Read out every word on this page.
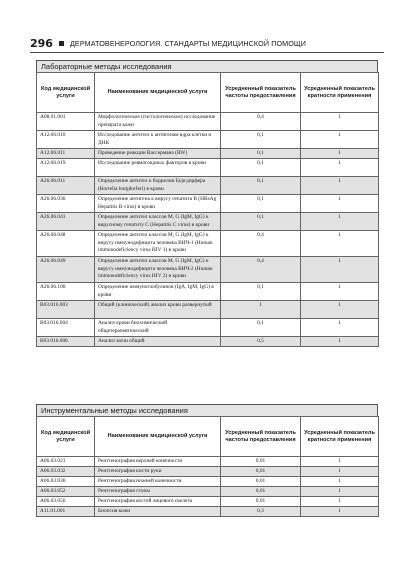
296 ДЕРМАТОВЕНЕРОЛОГИЯ. СТАНДАРТЫ МЕДИЦИНСКОЙ ПОМОЩИ
Лабораторные методы исследования
Код медицинской услуги	Наименование медицинской услуги	Усредненный показатель частоты предоставления	Усредненный показатель кратности применения
A08.01.001	Морфологическое (гистологическое) исследование препарата кожи	0,4	1
A12.06.010	Исследование антител к антигенам ядра клетки и ДНК	0,1	1
A12.06.011	Проведение реакции Вассермана (RW)	0,1	1
A12.06.019	Исследование ревматоидных факторов в крови	0,1	1
A26.06.011	Определение антител к боррелии Бургдорфера (Borrelia burgdorferi) в крови	0,1	1
A26.06.036	Определение антигена к вирусу гепатита B (HBsAg Hepatitis B virus) в крови	0,1	1
A26.06.041	Определение антител классов M, G (IgM, IgG) к вирусному гепатиту C (Hepatitis C virus) в крови	0,1	1
A26.06.048	Определение антител классов M, G (IgM, IgG) к вирусу иммунодефицита человека ВИЧ-1 (Human immunodeficiency virus HIV 1) в крови	0,4	1
A26.06.049	Определение антител классов M, G (IgM, IgG) к вирусу иммунодефицита человека ВИЧ-2 (Human immunodeficiency virus HIV 2) в крови	0,4	1
A26.06.100	Определение иммуноглобулинов (IgA, IgM, IgG) в крови	0,1	1
B03.016.003	Общий (клинический) анализ крови развернутый	1	1
B03.016.004	Анализ крови биохимический общетерапевтический	0,1	1
B03.016.006	Анализ мочи общий	0,5	1
Инструментальные методы исследования
Код медицинской услуги	Наименование медицинской услуги	Усредненный показатель частоты предоставления	Усредненный показатель кратности применения
A06.03.021	Рентгенография верхней конечности	0,01	1
A06.03.032	Рентгенография кисти руки	0,01	1
A06.03.036	Рентгенография нижней конечности	0,01	1
A06.03.052	Рентгенография стопы	0,01	1
A06.03.056	Рентгенография костей лицевого скелета	0,01	1
A11.01.001	Биопсия кожи	0,3	1
